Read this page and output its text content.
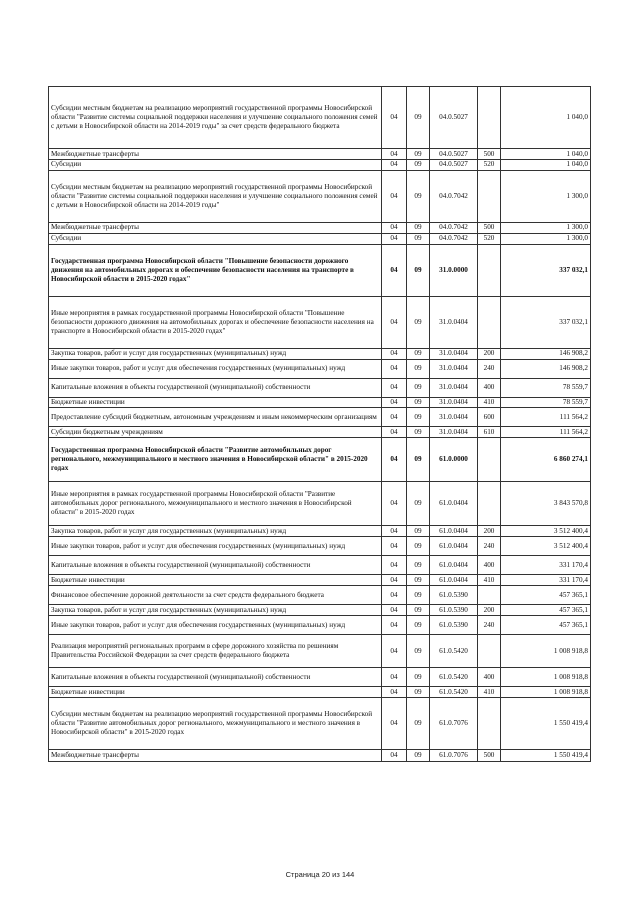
Субсидии местным бюджетам на реализацию мероприятий государственной программы Новосибирской области "Развитие системы социальной поддержки населения и улучшение социального положения семей с детьми в Новосибирской области на 2014-2019 годы" за счет средств федерального бюджета	04	09	04.0.5027		1 040,0
Межбюджетные трансферты	04	09	04.0.5027	500	1 040,0
Субсидии	04	09	04.0.5027	520	1 040,0
Субсидии местным бюджетам на реализацию мероприятий государственной программы Новосибирской области "Развитие системы социальной поддержки населения и улучшение социального положения семей с детьми в Новосибирской области на 2014-2019 годы"	04	09	04.0.7042		1 300,0
Межбюджетные трансферты	04	09	04.0.7042	500	1 300,0
Субсидии	04	09	04.0.7042	520	1 300,0
Государственная программа Новосибирской области "Повышение безопасности дорожного движения на автомобильных дорогах и обеспечение безопасности населения на транспорте в Новосибирской области в 2015-2020 годах"	04	09	31.0.0000		337 032,1
Иные мероприятия в рамках государственной программы Новосибирской области "Повышение безопасности дорожного движения на автомобильных дорогах и обеспечение безопасности населения на транспорте в Новосибирской области в 2015-2020 годах"	04	09	31.0.0404		337 032,1
Закупка товаров, работ и услуг для государственных (муниципальных) нужд	04	09	31.0.0404	200	146 908,2
Иные закупки товаров, работ и услуг для обеспечения государственных (муниципальных) нужд	04	09	31.0.0404	240	146 908,2
Капитальные вложения в объекты государственной (муниципальной) собственности	04	09	31.0.0404	400	78 559,7
Бюджетные инвестиции	04	09	31.0.0404	410	78 559,7
Предоставление субсидий бюджетным, автономным учреждениям и иным некоммерческим организациям	04	09	31.0.0404	600	111 564,2
Субсидии бюджетным учреждениям	04	09	31.0.0404	610	111 564,2
Государственная программа Новосибирской области "Развитие автомобильных дорог регионального, межмуниципального и местного значения в Новосибирской области" в 2015-2020 годах	04	09	61.0.0000		6 860 274,1
Иные мероприятия в рамках государственной программы Новосибирской области "Развитие автомобильных дорог регионального, межмуниципального и местного значения в Новосибирской области" в 2015-2020 годах	04	09	61.0.0404		3 843 570,8
Закупка товаров, работ и услуг для государственных (муниципальных) нужд	04	09	61.0.0404	200	3 512 400,4
Иные закупки товаров, работ и услуг для обеспечения государственных (муниципальных) нужд	04	09	61.0.0404	240	3 512 400,4
Капитальные вложения в объекты государственной (муниципальной) собственности	04	09	61.0.0404	400	331 170,4
Бюджетные инвестиции	04	09	61.0.0404	410	331 170,4
Финансовое обеспечение дорожной деятельности за счет средств федерального бюджета	04	09	61.0.5390		457 365,1
Закупка товаров, работ и услуг для государственных (муниципальных) нужд	04	09	61.0.5390	200	457 365,1
Иные закупки товаров, работ и услуг для обеспечения государственных (муниципальных) нужд	04	09	61.0.5390	240	457 365,1
Реализация мероприятий региональных программ в сфере дорожного хозяйства по решениям Правительства Российской Федерации за счет средств федерального бюджета	04	09	61.0.5420		1 008 918,8
Капитальные вложения в объекты государственной (муниципальной) собственности	04	09	61.0.5420	400	1 008 918,8
Бюджетные инвестиции	04	09	61.0.5420	410	1 008 918,8
Субсидии местным бюджетам на реализацию мероприятий государственной программы Новосибирской области "Развитие автомобильных дорог регионального, межмуниципального и местного значения в Новосибирской области" в 2015-2020 годах	04	09	61.0.7076		1 550 419,4
Межбюджетные трансферты	04	09	61.0.7076	500	1 550 419,4
Страница 20 из 144
